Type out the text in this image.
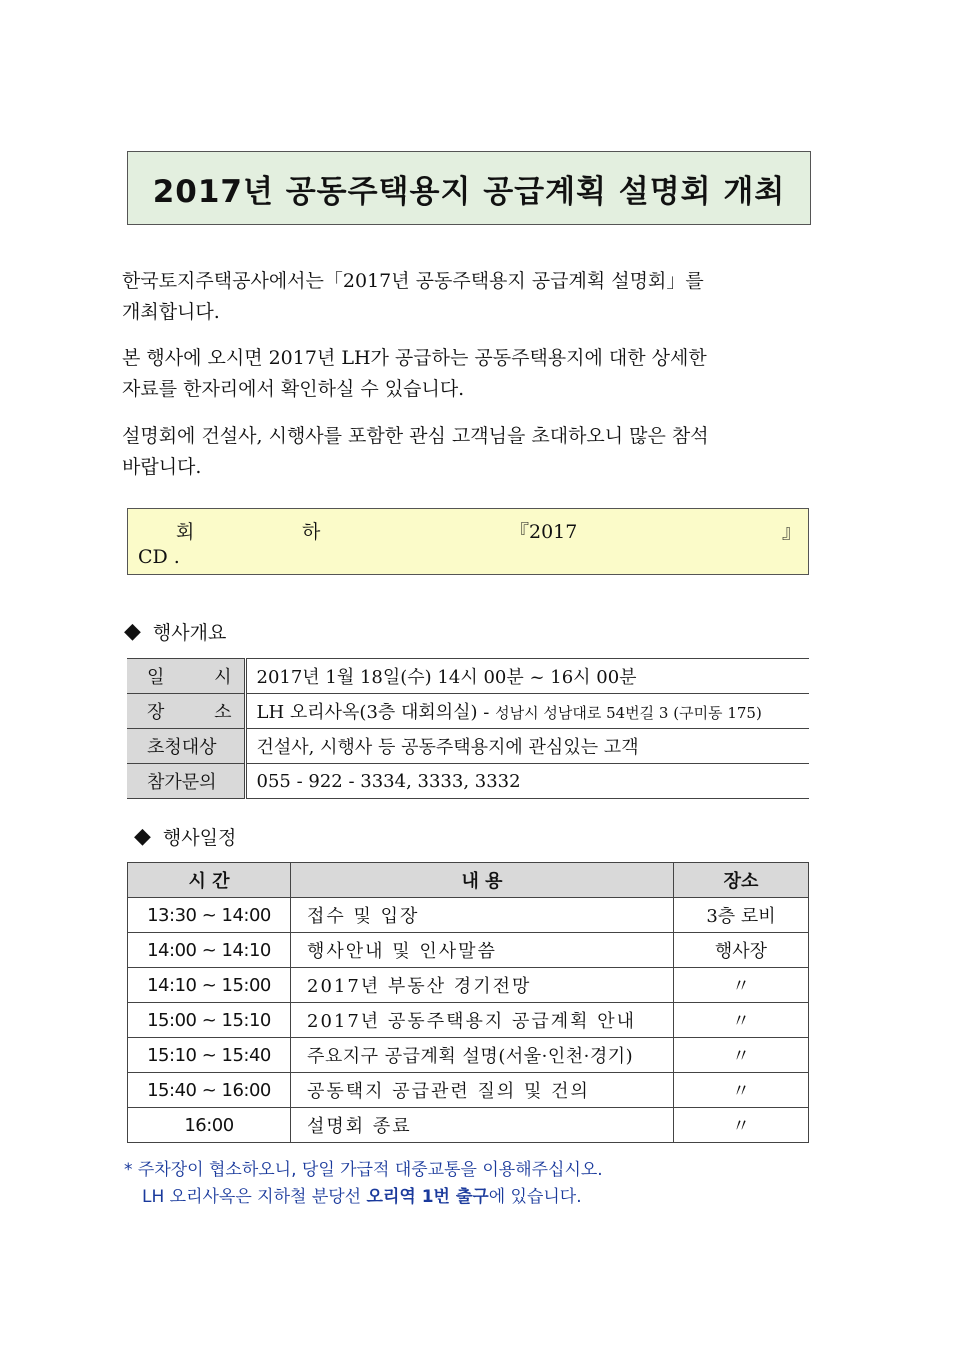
2017년 공동주택용지 공급계획 설명회 개최

한국토지주택공사에서는「2017년 공동주택용지 공급계획 설명회」를
개최합니다.

본 행사에 오시면 2017년 LH가 공급하는 공동주택용지에 대한 상세한
자료를 한자리에서 확인하실 수 있습니다.

설명회에 건설사, 시행사를 포함한 관심 고객님을 초대하오니 많은 참석
바랍니다.

회	하	『2017	』
CD .
◆ 행사개요
일 시	2017년 1월 18일(수) 14시 00분 ~ 16시 00분
장 소	LH 오리사옥(3층 대회의실) - 성남시 성남대로 54번길 3 (구미동 175)
초청대상	건설사, 시행사 등 공동주택용지에 관심있는 고객
참가문의	055 - 922 - 3334, 3333, 3332
◆ 행사일정
시 간	내 용	장소
13:30 ~ 14:00	접수 및 입장	3층 로비
14:00 ~ 14:10	행사안내 및 인사말씀	행사장
14:10 ~ 15:00	2017년 부동산 경기전망	〃
15:00 ~ 15:10	2017년 공동주택용지 공급계획 안내	〃
15:10 ~ 15:40	주요지구 공급계획 설명(서울·인천·경기)	〃
15:40 ~ 16:00	공동택지 공급관련 질의 및 건의	〃
16:00	설명회 종료	〃
* 주차장이 협소하오니, 당일 가급적 대중교통을 이용해주십시오.
LH 오리사옥은 지하철 분당선 오리역 1번 출구에 있습니다.
